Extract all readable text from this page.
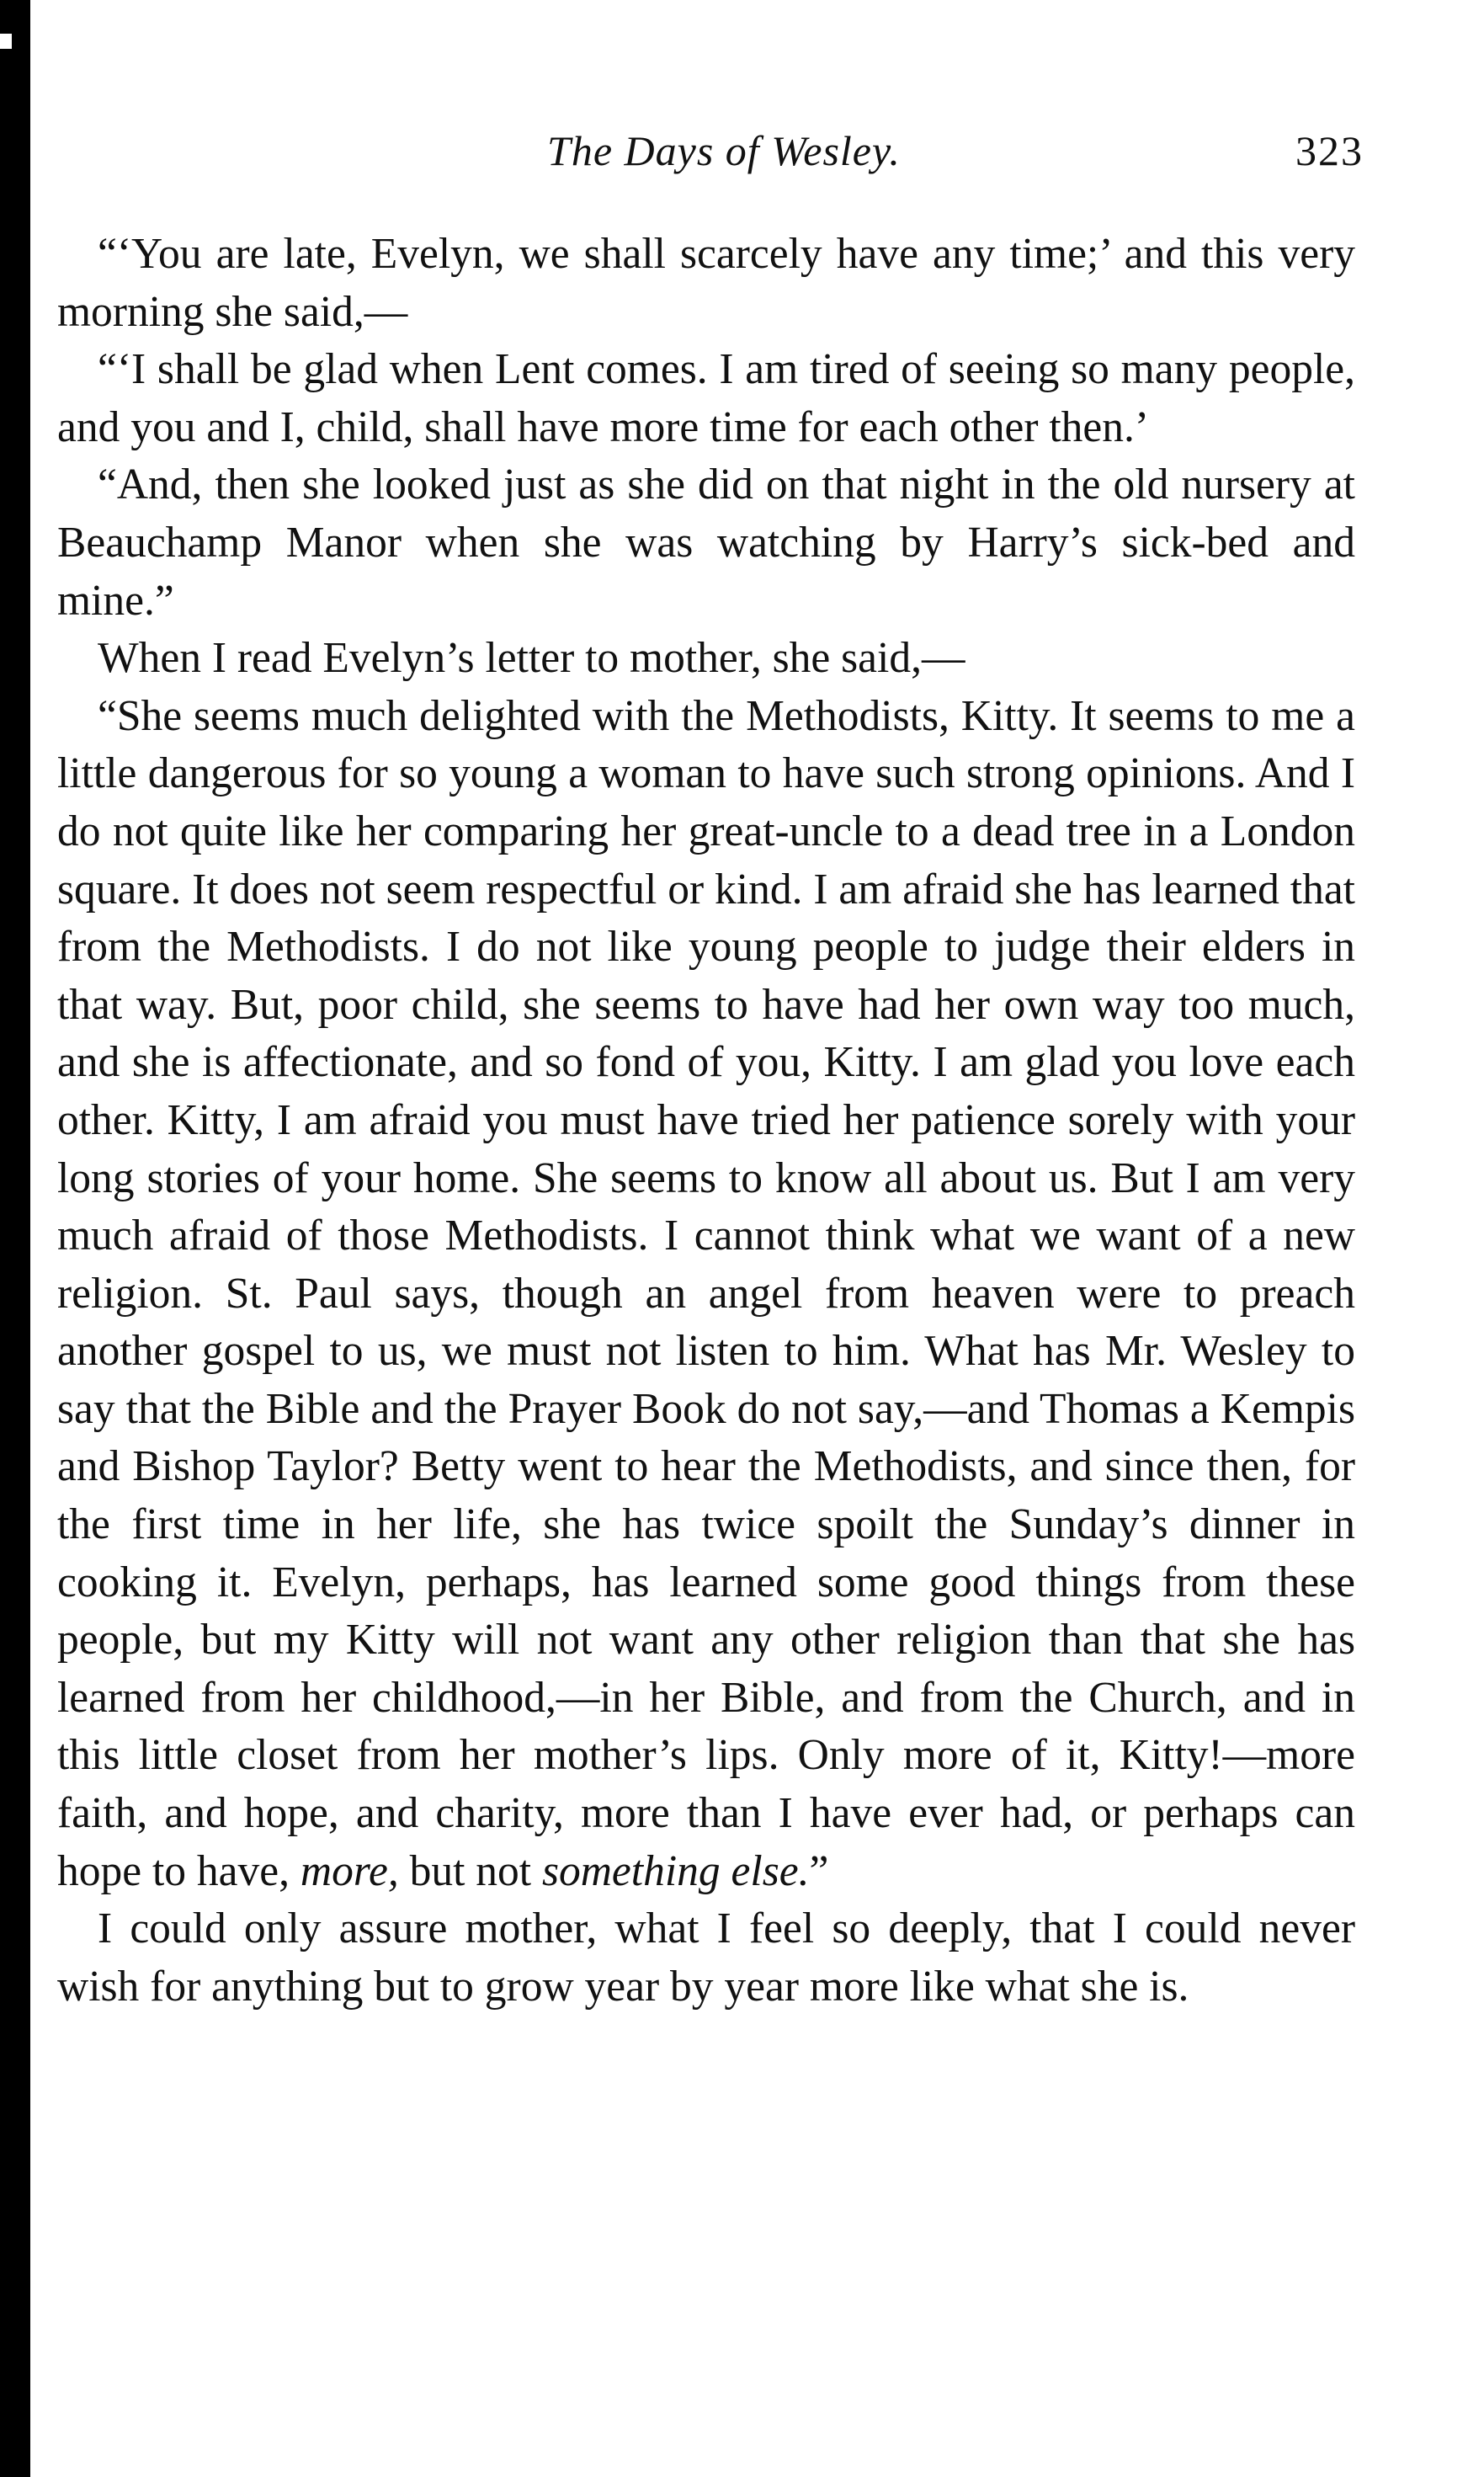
The Days of Wesley.	323

“‘You are late, Evelyn, we shall scarcely have any time;’ and this very morning she said,—

“‘I shall be glad when Lent comes. I am tired of seeing so many people, and you and I, child, shall have more time for each other then.’

“And, then she looked just as she did on that night in the old nursery at Beauchamp Manor when she was watching by Harry’s sick-bed and mine.”

When I read Evelyn’s letter to mother, she said,—

“She seems much delighted with the Methodists, Kitty. It seems to me a little dangerous for so young a woman to have such strong opinions. And I do not quite like her comparing her great-uncle to a dead tree in a London square. It does not seem respectful or kind. I am afraid she has learned that from the Methodists. I do not like young people to judge their elders in that way. But, poor child, she seems to have had her own way too much, and she is affectionate, and so fond of you, Kitty. I am glad you love each other. Kitty, I am afraid you must have tried her patience sorely with your long stories of your home. She seems to know all about us. But I am very much afraid of those Methodists. I cannot think what we want of a new religion. St. Paul says, though an angel from heaven were to preach another gospel to us, we must not listen to him. What has Mr. Wesley to say that the Bible and the Prayer Book do not say,—and Thomas a Kempis and Bishop Taylor? Betty went to hear the Methodists, and since then, for the first time in her life, she has twice spoilt the Sunday’s dinner in cooking it. Evelyn, perhaps, has learned some good things from these people, but my Kitty will not want any other religion than that she has learned from her childhood,—in her Bible, and from the Church, and in this little closet from her mother’s lips. Only more of it, Kitty!—more faith, and hope, and charity, more than I have ever had, or perhaps can hope to have, more, but not something else.”

I could only assure mother, what I feel so deeply, that I could never wish for anything but to grow year by year more like what she is.
